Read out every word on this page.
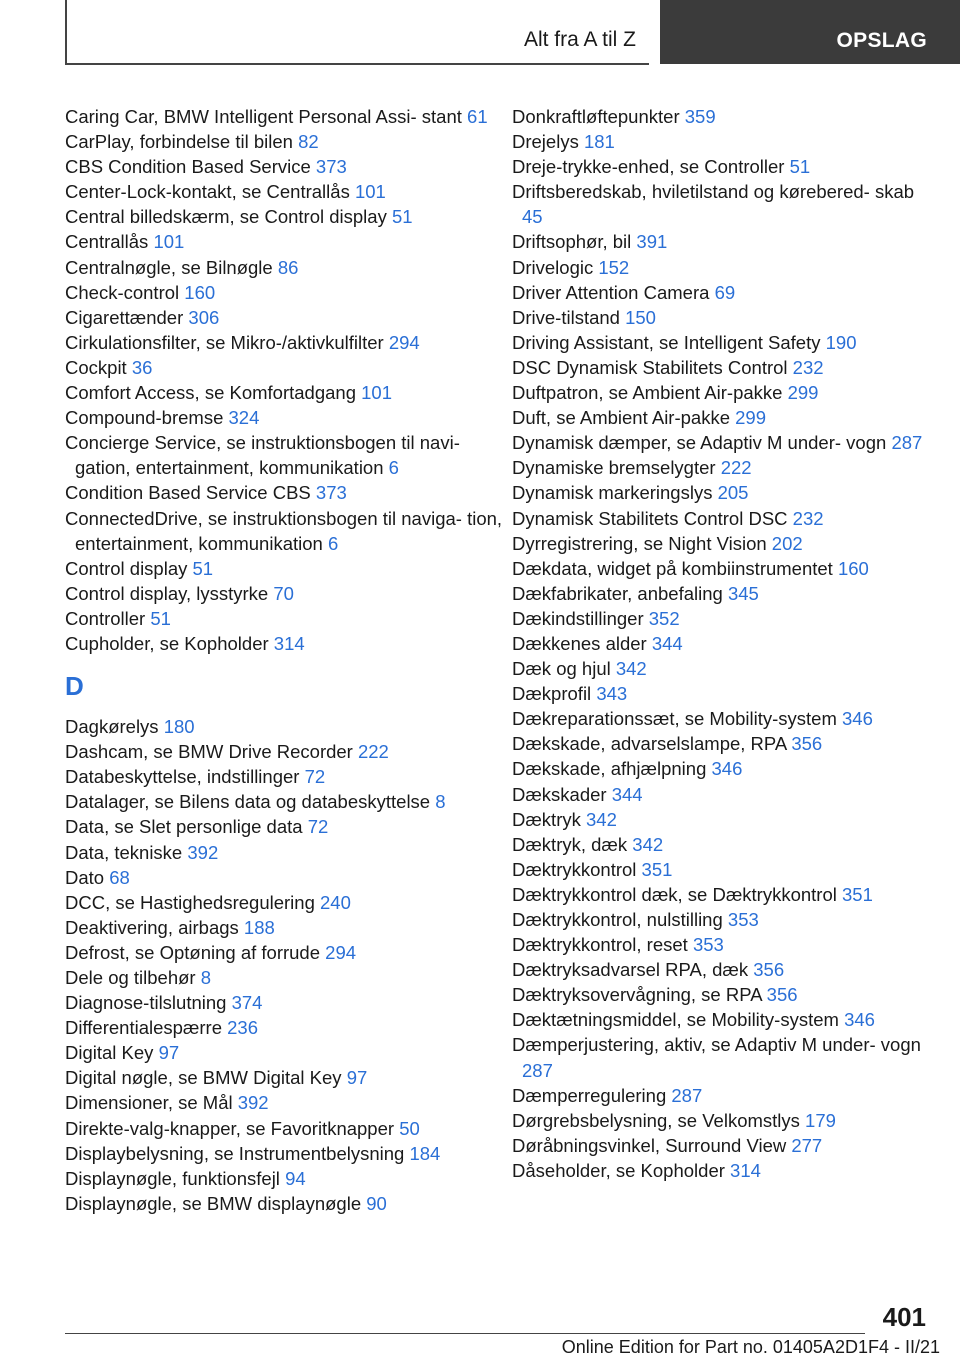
Alt fra A til Z	OPSLAG
Caring Car, BMW Intelligent Personal Assi- stant 61
CarPlay, forbindelse til bilen 82
CBS Condition Based Service 373
Center-Lock-kontakt, se Centrallås 101
Central billedskærm, se Control display 51
Centrallås 101
Centralnøgle, se Bilnøgle 86
Check-control 160
Cigarettænder 306
Cirkulationsfilter, se Mikro-/aktivkulfilter 294
Cockpit 36
Comfort Access, se Komfortadgang 101
Compound-bremse 324
Concierge Service, se instruktionsbogen til navi- gation, entertainment, kommunikation 6
Condition Based Service CBS 373
ConnectedDrive, se instruktionsbogen til naviga- tion, entertainment, kommunikation 6
Control display 51
Control display, lysstyrke 70
Controller 51
Cupholder, se Kopholder 314
D
Dagkørelys 180
Dashcam, se BMW Drive Recorder 222
Databeskyttelse, indstillinger 72
Datalager, se Bilens data og databeskyttelse 8
Data, se Slet personlige data 72
Data, tekniske 392
Dato 68
DCC, se Hastighedsregulering 240
Deaktivering, airbags 188
Defrost, se Optøning af forrude 294
Dele og tilbehør 8
Diagnose-tilslutning 374
Differentialespærre 236
Digital Key 97
Digital nøgle, se BMW Digital Key 97
Dimensioner, se Mål 392
Direkte-valg-knapper, se Favoritknapper 50
Displaybelysning, se Instrumentbelysning 184
Displaynøgle, funktionsfejl 94
Displaynøgle, se BMW displaynøgle 90
Donkraftløftepunkter 359
Drejelys 181
Dreje-trykke-enhed, se Controller 51
Driftsberedskab, hviletilstand og kørebered- skab 45
Driftsophør, bil 391
Drivelogic 152
Driver Attention Camera 69
Drive-tilstand 150
Driving Assistant, se Intelligent Safety 190
DSC Dynamisk Stabilitets Control 232
Duftpatron, se Ambient Air-pakke 299
Duft, se Ambient Air-pakke 299
Dynamisk dæmper, se Adaptiv M under- vogn 287
Dynamiske bremselygter 222
Dynamisk markeringslys 205
Dynamisk Stabilitets Control DSC 232
Dyrregistrering, se Night Vision 202
Dækdata, widget på kombiinstrumentet 160
Dækfabrikater, anbefaling 345
Dækindstillinger 352
Dækkenes alder 344
Dæk og hjul 342
Dækprofil 343
Dækreparationssæt, se Mobility-system 346
Dækskade, advarselslampe, RPA 356
Dækskade, afhjælpning 346
Dækskader 344
Dæktryk 342
Dæktryk, dæk 342
Dæktrykkontrol 351
Dæktrykkontrol dæk, se Dæktrykkontrol 351
Dæktrykkontrol, nulstilling 353
Dæktrykkontrol, reset 353
Dæktryksadvarsel RPA, dæk 356
Dæktryksovervågning, se RPA 356
Dæktætningsmiddel, se Mobility-system 346
Dæmperjustering, aktiv, se Adaptiv M under- vogn 287
Dæmperregulering 287
Dørgrebsbelysning, se Velkomstlys 179
Døråbningsvinkel, Surround View 277
Dåseholder, se Kopholder 314
401
Online Edition for Part no. 01405A2D1F4 - II/21
